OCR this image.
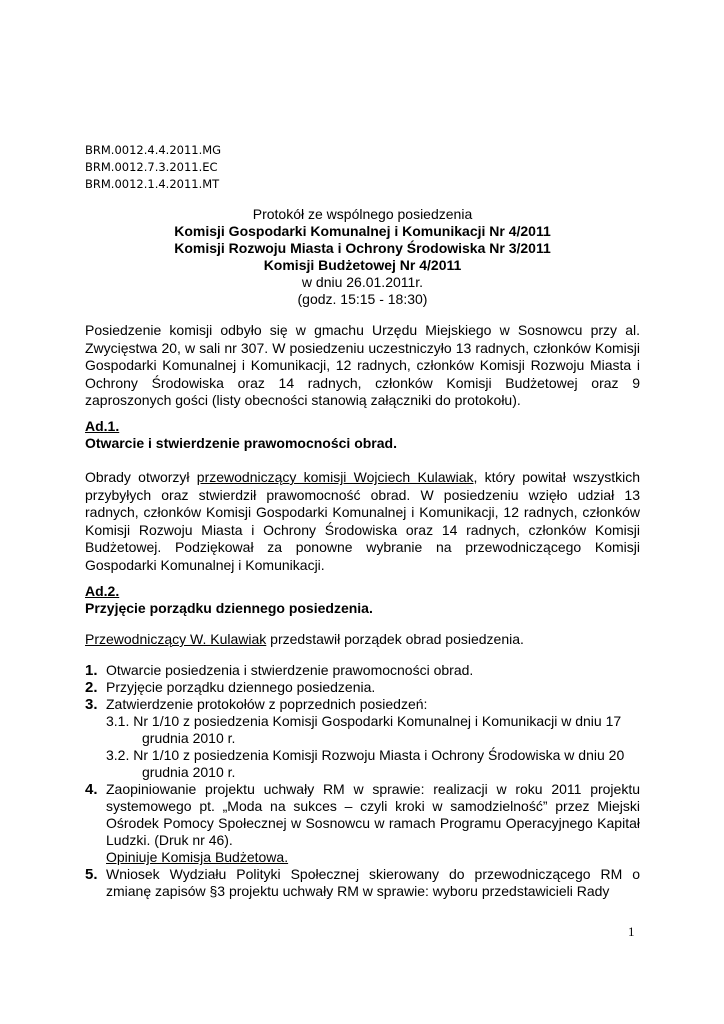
BRM.0012.4.4.2011.MG
BRM.0012.7.3.2011.EC
BRM.0012.1.4.2011.MT
Protokół ze wspólnego posiedzenia
Komisji Gospodarki Komunalnej i Komunikacji Nr 4/2011
Komisji Rozwoju Miasta i Ochrony Środowiska Nr 3/2011
Komisji Budżetowej Nr 4/2011
w dniu 26.01.2011r.
(godz. 15:15 - 18:30)
Posiedzenie komisji odbyło się w gmachu Urzędu Miejskiego w Sosnowcu przy al. Zwycięstwa 20, w sali nr 307. W posiedzeniu uczestniczyło 13 radnych, członków Komisji Gospodarki Komunalnej i Komunikacji, 12 radnych, członków Komisji Rozwoju Miasta i Ochrony Środowiska oraz 14 radnych, członków Komisji Budżetowej oraz 9 zaproszonych gości (listy obecności stanowią załączniki do protokołu).
Ad.1.
Otwarcie i stwierdzenie prawomocności obrad.
Obrady otworzył przewodniczący komisji Wojciech Kulawiak, który powitał wszystkich przybyłych oraz stwierdził prawomocność obrad. W posiedzeniu wzięło udział 13 radnych, członków Komisji Gospodarki Komunalnej i Komunikacji, 12 radnych, członków Komisji Rozwoju Miasta i Ochrony Środowiska oraz 14 radnych, członków Komisji Budżetowej. Podziękował za ponowne wybranie na przewodniczącego Komisji Gospodarki Komunalnej i Komunikacji.
Ad.2.
Przyjęcie porządku dziennego posiedzenia.
Przewodniczący W. Kulawiak przedstawił porządek obrad posiedzenia.
1. Otwarcie posiedzenia i stwierdzenie prawomocności obrad.
2. Przyjęcie porządku dziennego posiedzenia.
3. Zatwierdzenie protokołów z poprzednich posiedzeń:
3.1. Nr 1/10 z posiedzenia Komisji Gospodarki Komunalnej i Komunikacji w dniu 17
grudnia 2010 r.
3.2. Nr 1/10 z posiedzenia Komisji Rozwoju Miasta i Ochrony Środowiska w dniu 20
grudnia 2010 r.
4. Zaopiniowanie projektu uchwały RM w sprawie: realizacji w roku 2011 projektu systemowego pt. „Moda na sukces – czyli kroki w samodzielność” przez Miejski Ośrodek Pomocy Społecznej w Sosnowcu w ramach Programu Operacyjnego Kapitał Ludzki. (Druk nr 46).
Opiniuje Komisja Budżetowa.
5. Wniosek Wydziału Polityki Społecznej skierowany do przewodniczącego RM o zmianę zapisów §3 projektu uchwały RM w sprawie: wyboru przedstawicieli Rady
1
